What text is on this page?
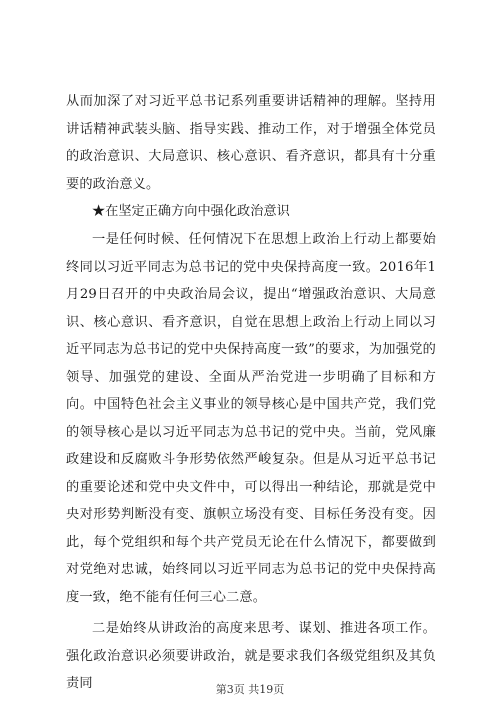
从而加深了对习近平总书记系列重要讲话精神的理解。坚持用讲话精神武装头脑、指导实践、推动工作，对于增强全体党员的政治意识、大局意识、核心意识、看齐意识，都具有十分重要的政治意义。

★在坚定正确方向中强化政治意识

一是任何时候、任何情况下在思想上政治上行动上都要始终同以习近平同志为总书记的党中央保持高度一致。2016年1月29日召开的中央政治局会议，提出“增强政治意识、大局意识、核心意识、看齐意识，自觉在思想上政治上行动上同以习近平同志为总书记的党中央保持高度一致”的要求，为加强党的领导、加强党的建设、全面从严治党进一步明确了目标和方向。中国特色社会主义事业的领导核心是中国共产党，我们党的领导核心是以习近平同志为总书记的党中央。当前，党风廉政建设和反腐败斗争形势依然严峻复杂。但是从习近平总书记的重要论述和党中央文件中，可以得出一种结论，那就是党中央对形势判断没有变、旗帜立场没有变、目标任务没有变。因此，每个党组织和每个共产党员无论在什么情况下，都要做到对党绝对忠诚，始终同以习近平同志为总书记的党中央保持高度一致，绝不能有任何三心二意。

二是始终从讲政治的高度来思考、谋划、推进各项工作。强化政治意识必须要讲政治，就是要求我们各级党组织及其负责同	第3页 共19页
